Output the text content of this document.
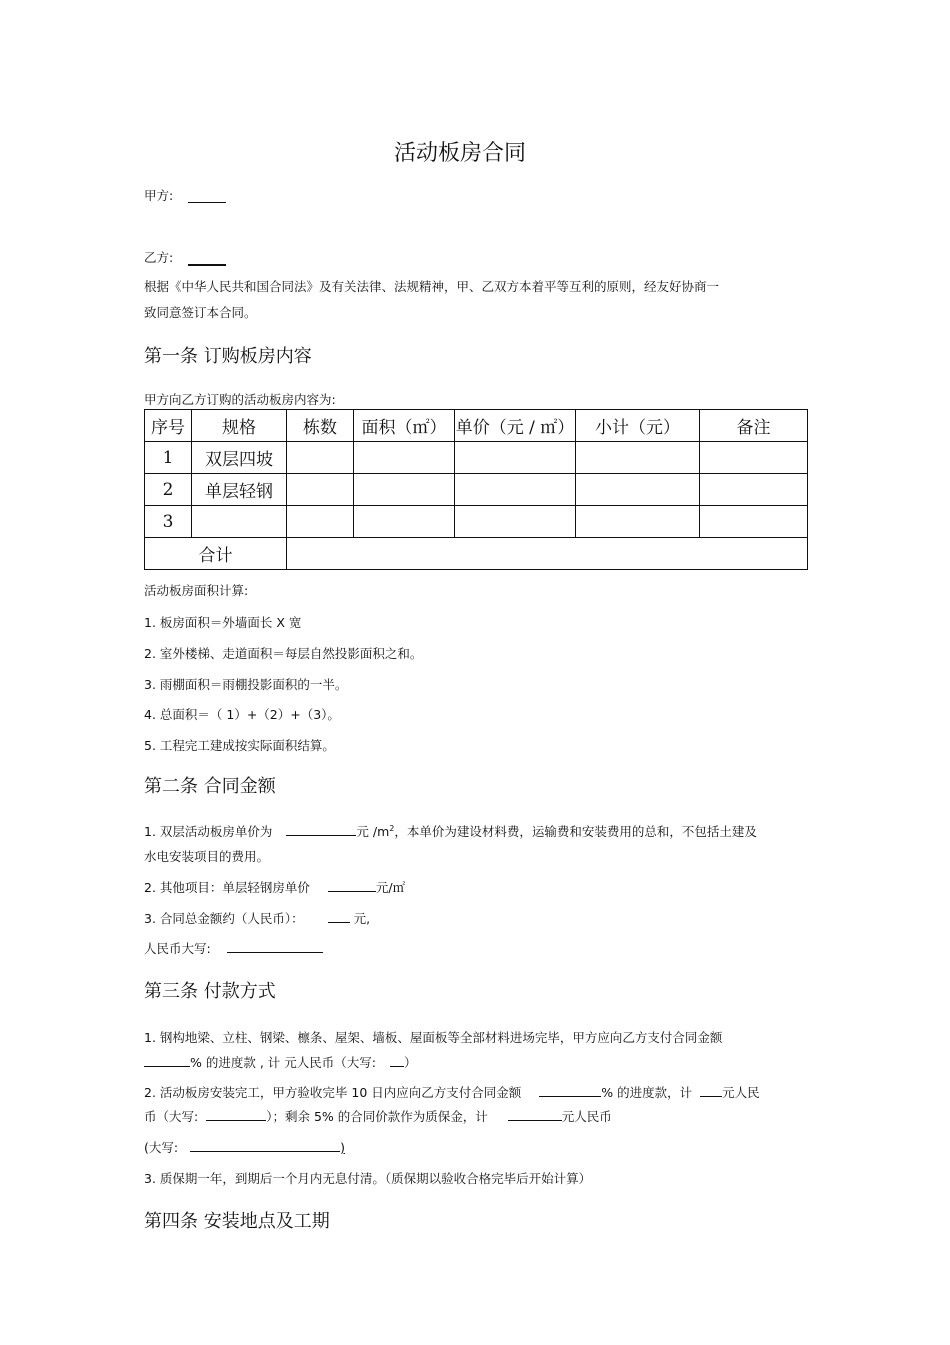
活动板房合同
甲方:
乙方:
根据《中华人民共和国合同法》及有关法律、法规精神，甲、乙双方本着平等互利的原则，经友好协商一
致同意签订本合同。
第一条 订购板房内容
甲方向乙方订购的活动板房内容为:
序号	规格	栋数	面积（㎡）	单价（元 / ㎡）	小计（元）	备注
1	双层四坡					
2	单层轻钢					
3						
合计						
活动板房面积计算:
1. 板房面积＝外墙面长 X 宽
2. 室外楼梯、走道面积＝每层自然投影面积之和。
3. 雨棚面积＝雨棚投影面积的一半。
4. 总面积＝（ 1）+（2）+（3）。
5. 工程完工建成按实际面积结算。
第二条 合同金额
1. 双层活动板房单价为	元 $/m^2$，本单价为建设材料费，运输费和安装费用的总和，不包括土建及
水电安装项目的费用。
2. 其他项目：单层轻钢房单价	元/㎡
3. 合同总金额约（人民币）：	元,
人民币大写:
第三条 付款方式
1. 钢构地梁、立柱、钢梁、檩条、屋架、墙板、屋面板等全部材料进场完毕，甲方应向乙方支付合同金额
% 的进度款 , 计 元人民币（大写: ）
2. 活动板房安装完工，甲方验收完毕 10 日内应向乙方支付合同金额	% 的进度款，计 元人民
币（大写:	）；剩余 5% 的合同价款作为质保金，计	元人民币
(大写:	)
3. 质保期一年，到期后一个月内无息付清。（质保期以验收合格完毕后开始计算）
第四条 安装地点及工期
